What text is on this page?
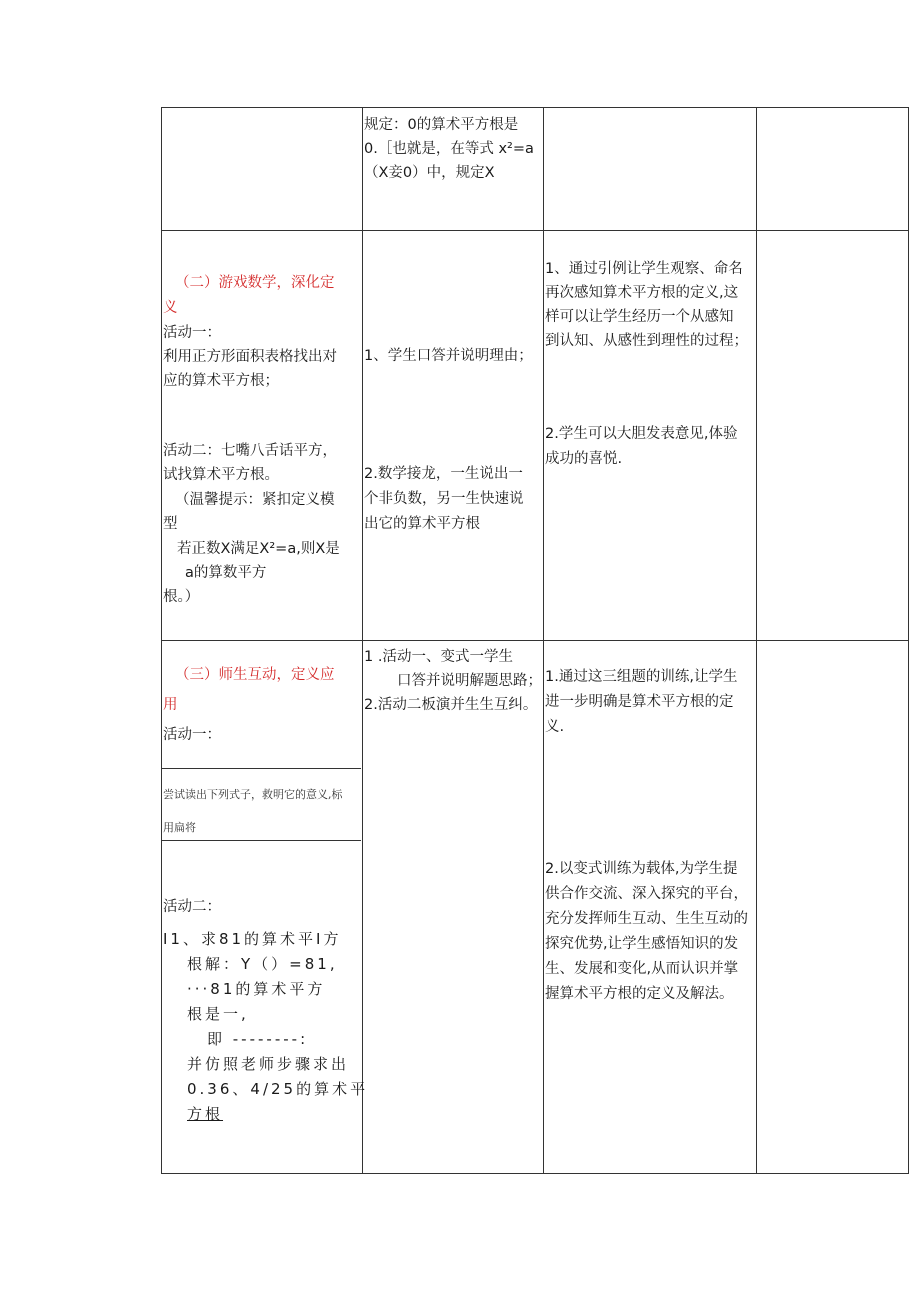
规定：0的算术平方根是
0.［也就是，在等式 x²=a
（X妾0）中，规定X
（二）游戏数学，深化定
义
活动一：
利用正方形面积表格找出对
应的算术平方根；
活动二：七嘴八舌话平方，
试找算术平方根。
（温馨提示：紧扣定义模
型
若正数X满足X²=a,则X是
a的算数平方
根。）
1、学生口答并说明理由；
2.数学接龙，一生说出一
个非负数，另一生快速说
出它的算术平方根
1、通过引例让学生观察、命名
再次感知算术平方根的定义,这
样可以让学生经历一个从感知
到认知、从感性到理性的过程；
2.学生可以大胆发表意见,体验
成功的喜悦.
（三）师生互动，定义应
用
活动一：
尝试读出下列式子，救明它的意义,标
用扁将
活动二：
I1、求81的算术平I方
根解：Y（）=81,
···81的算术平方
根是一,
即 --------:
并仿照老师步骤求出
0.36、4/25的算术平
方根
1 .活动一、变式一学生
口答并说明解题思路；
2.活动二板演并生生互纠。
1.通过这三组题的训练,让学生
进一步明确是算术平方根的定
义.
2.以变式训练为载体,为学生提
供合作交流、深入探究的平台，
充分发挥师生互动、生生互动的
探究优势,让学生感悟知识的发
生、发展和变化,从而认识并掌
握算术平方根的定义及解法。
